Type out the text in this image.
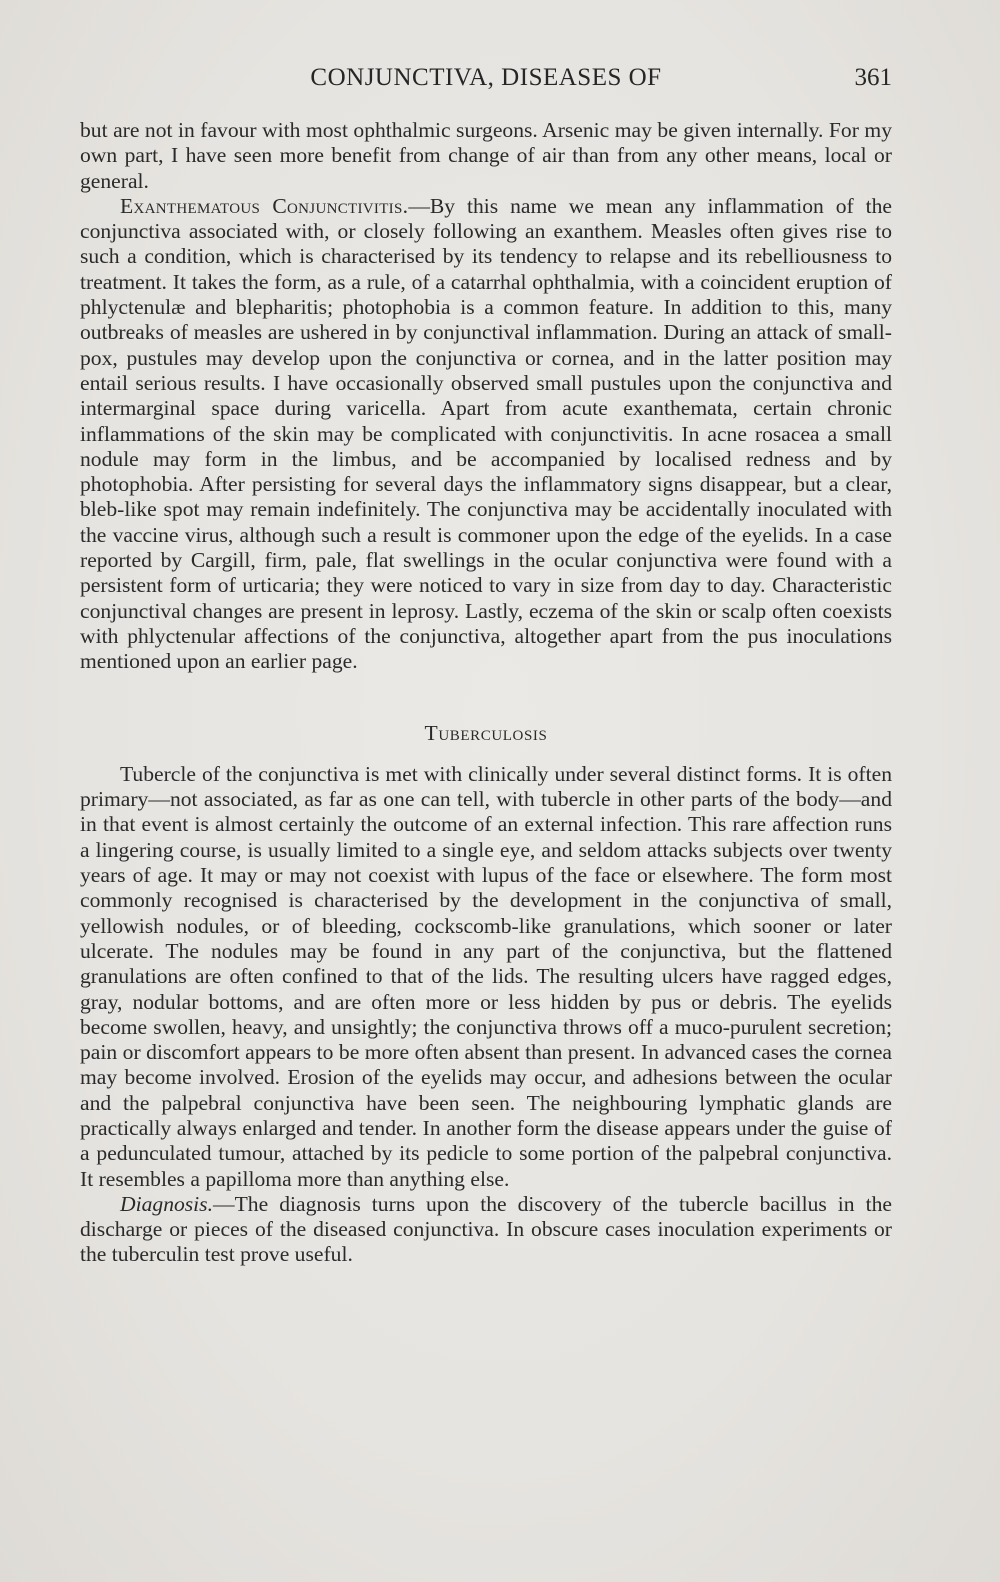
CONJUNCTIVA, DISEASES OF	361

but are not in favour with most ophthalmic surgeons. Arsenic may be given internally. For my own part, I have seen more benefit from change of air than from any other means, local or general.

Exanthematous Conjunctivitis.—By this name we mean any inflammation of the conjunctiva associated with, or closely following an exanthem. Measles often gives rise to such a condition, which is characterised by its tendency to relapse and its rebelliousness to treatment. It takes the form, as a rule, of a catarrhal ophthalmia, with a coincident eruption of phlyctenulæ and blepharitis; photophobia is a common feature. In addition to this, many outbreaks of measles are ushered in by conjunctival inflammation. During an attack of small-pox, pustules may develop upon the conjunctiva or cornea, and in the latter position may entail serious results. I have occasionally observed small pustules upon the conjunctiva and intermarginal space during varicella. Apart from acute exanthemata, certain chronic inflammations of the skin may be complicated with conjunctivitis. In acne rosacea a small nodule may form in the limbus, and be accompanied by localised redness and by photophobia. After persisting for several days the inflammatory signs disappear, but a clear, bleb-like spot may remain indefinitely. The conjunctiva may be accidentally inoculated with the vaccine virus, although such a result is commoner upon the edge of the eyelids. In a case reported by Cargill, firm, pale, flat swellings in the ocular conjunctiva were found with a persistent form of urticaria; they were noticed to vary in size from day to day. Characteristic conjunctival changes are present in leprosy. Lastly, eczema of the skin or scalp often coexists with phlyctenular affections of the conjunctiva, altogether apart from the pus inoculations mentioned upon an earlier page.

Tuberculosis

Tubercle of the conjunctiva is met with clinically under several distinct forms. It is often primary—not associated, as far as one can tell, with tubercle in other parts of the body—and in that event is almost certainly the outcome of an external infection. This rare affection runs a lingering course, is usually limited to a single eye, and seldom attacks subjects over twenty years of age. It may or may not coexist with lupus of the face or elsewhere. The form most commonly recognised is characterised by the development in the conjunctiva of small, yellowish nodules, or of bleeding, cockscomb-like granulations, which sooner or later ulcerate. The nodules may be found in any part of the conjunctiva, but the flattened granulations are often confined to that of the lids. The resulting ulcers have ragged edges, gray, nodular bottoms, and are often more or less hidden by pus or debris. The eyelids become swollen, heavy, and unsightly; the conjunctiva throws off a muco-purulent secretion; pain or discomfort appears to be more often absent than present. In advanced cases the cornea may become involved. Erosion of the eyelids may occur, and adhesions between the ocular and the palpebral conjunctiva have been seen. The neighbouring lymphatic glands are practically always enlarged and tender. In another form the disease appears under the guise of a pedunculated tumour, attached by its pedicle to some portion of the palpebral conjunctiva. It resembles a papilloma more than anything else.

Diagnosis.—The diagnosis turns upon the discovery of the tubercle bacillus in the discharge or pieces of the diseased conjunctiva. In obscure cases inoculation experiments or the tuberculin test prove useful.
